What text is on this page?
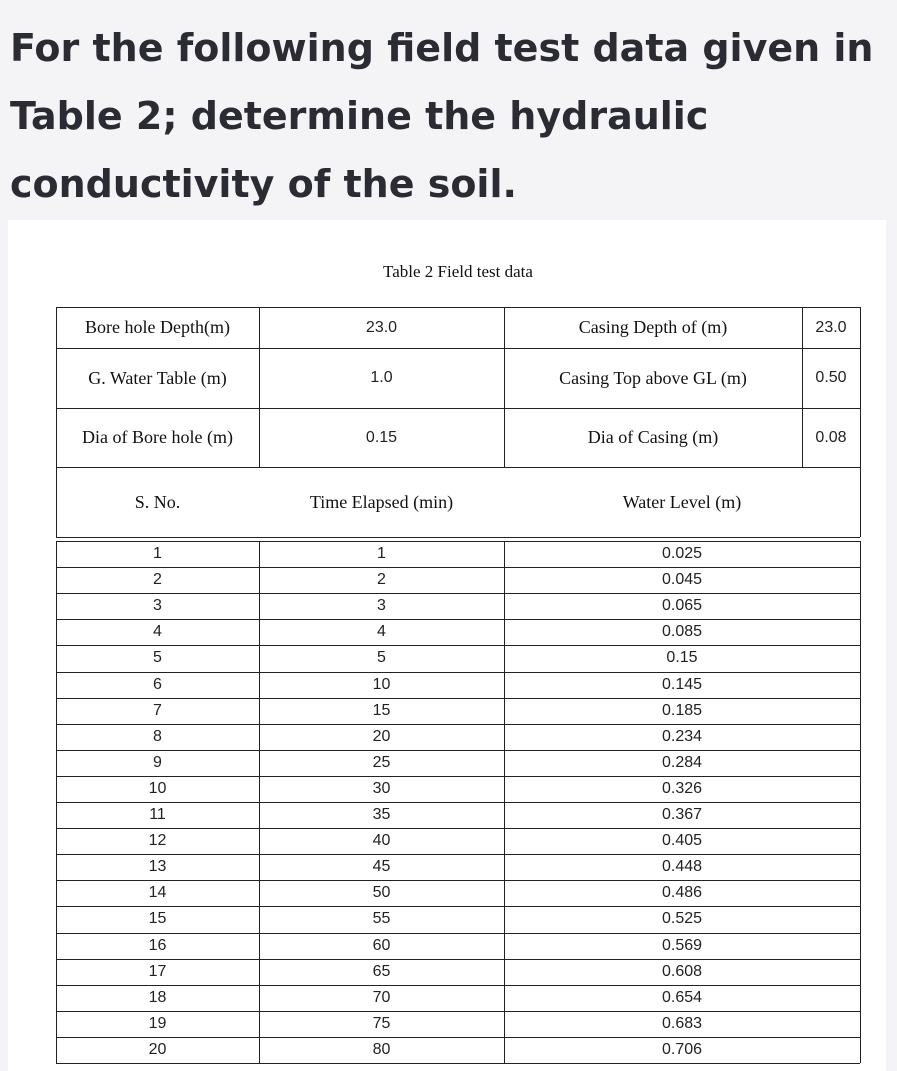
For the following field test data given in
Table 2; determine the hydraulic
conductivity of the soil.
Table 2 Field test data
Bore hole Depth(m)	23.0	Casing Depth of (m)	23.0
G. Water Table (m)	1.0	Casing Top above GL (m)	0.50
Dia of Bore hole (m)	0.15	Dia of Casing (m)	0.08
S. No.	Time Elapsed (min)	Water Level (m)
1	1	0.025
2	2	0.045
3	3	0.065
4	4	0.085
5	5	0.15
6	10	0.145
7	15	0.185
8	20	0.234
9	25	0.284
10	30	0.326
11	35	0.367
12	40	0.405
13	45	0.448
14	50	0.486
15	55	0.525
16	60	0.569
17	65	0.608
18	70	0.654
19	75	0.683
20	80	0.706
